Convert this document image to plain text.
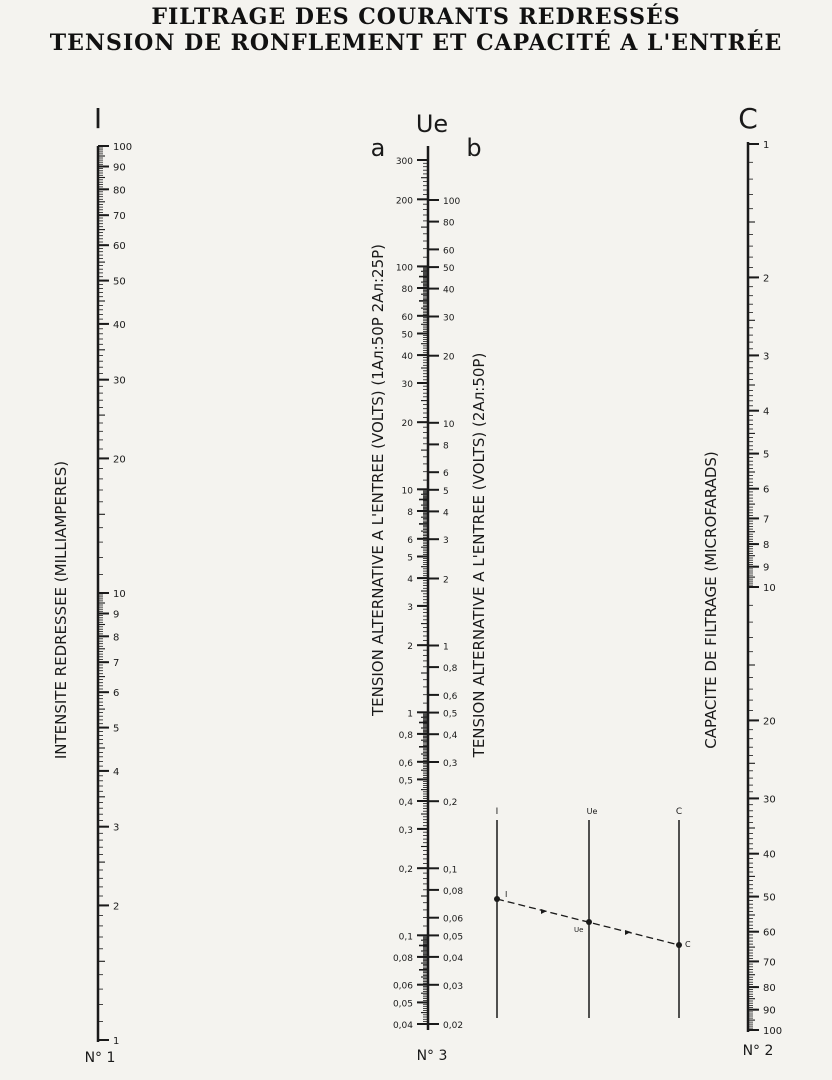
FILTRAGE DES COURANTS REDRESSÉS
TENSION DE RONFLEMENT ET CAPACITÉ A L'ENTRÉE
I	Ue	C
a	b
INTENSITE REDRESSEE (MILLIAMPERES)	TENSION ALTERNATIVE A L'ENTREE (VOLTS) (1Ал:50P 2Ал:25P)	TENSION ALTERNATIVE A L'ENTREE (VOLTS) (2Ал:50P)	CAPACITE DE FILTRAGE (MICROFARADS)
N° 1	N° 3	N° 2
100
90
80
70
60
50
40
30
20
10
9
8
7
6
5
4
3
2
1
300
200
100
80
60
50
40
30
20
10
8
6
5
4
3
2
1
0,8
0,6
0,5
0,4
0,3
0,2
0,1
0,08
0,06
0,05
0,04
100
80
60
50
40
30
20
10
8
6
5
4
3
2
1
0,8
0,6
0,5
0,4
0,3
0,2
0,1
0,08
0,06
0,05
0,04
0,03
0,02
1
2
3
4
5
6
7
8
9
10
20
30
40
50
60
70
80
90
100
I	Ue	C
I
Ue
C
